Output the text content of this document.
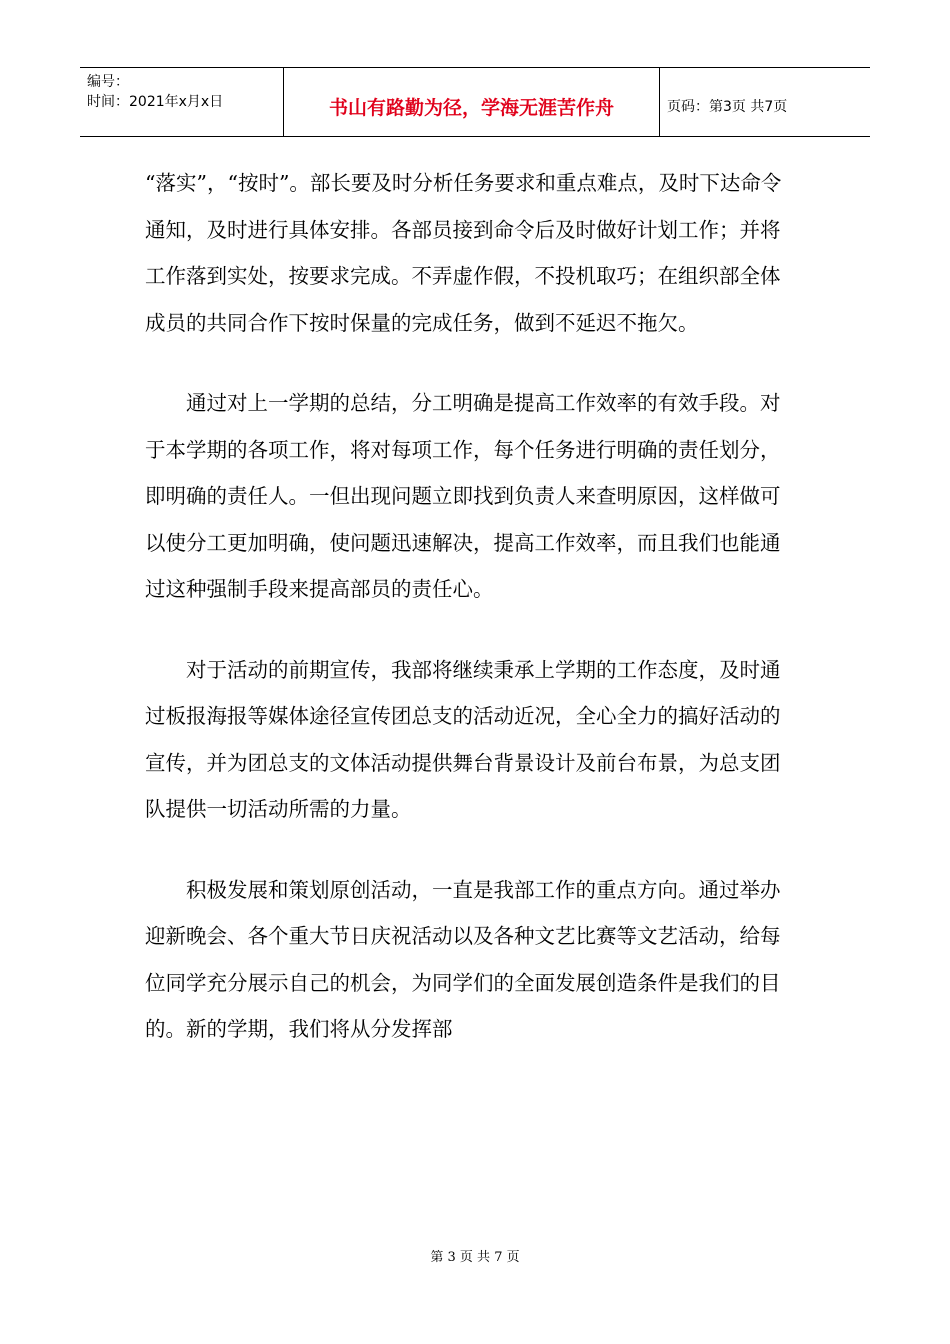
编号：
时间：2021年x月x日	书山有路勤为径，学海无涯苦作舟	页码：第3页 共7页

“落实”，“按时”。部长要及时分析任务要求和重点难点，及时下达命令通知，及时进行具体安排。各部员接到命令后及时做好计划工作；并将工作落到实处，按要求完成。不弄虚作假，不投机取巧；在组织部全体成员的共同合作下按时保量的完成任务，做到不延迟不拖欠。

通过对上一学期的总结，分工明确是提高工作效率的有效手段。对于本学期的各项工作，将对每项工作，每个任务进行明确的责任划分，即明确的责任人。一但出现问题立即找到负责人来查明原因，这样做可以使分工更加明确，使问题迅速解决，提高工作效率，而且我们也能通过这种强制手段来提高部员的责任心。

对于活动的前期宣传，我部将继续秉承上学期的工作态度，及时通过板报海报等媒体途径宣传团总支的活动近况，全心全力的搞好活动的宣传，并为团总支的文体活动提供舞台背景设计及前台布景，为总支团队提供一切活动所需的力量。

积极发展和策划原创活动，一直是我部工作的重点方向。通过举办迎新晚会、各个重大节日庆祝活动以及各种文艺比赛等文艺活动，给每位同学充分展示自己的机会，为同学们的全面发展创造条件是我们的目的。新的学期，我们将从分发挥部

第 3 页 共 7 页
